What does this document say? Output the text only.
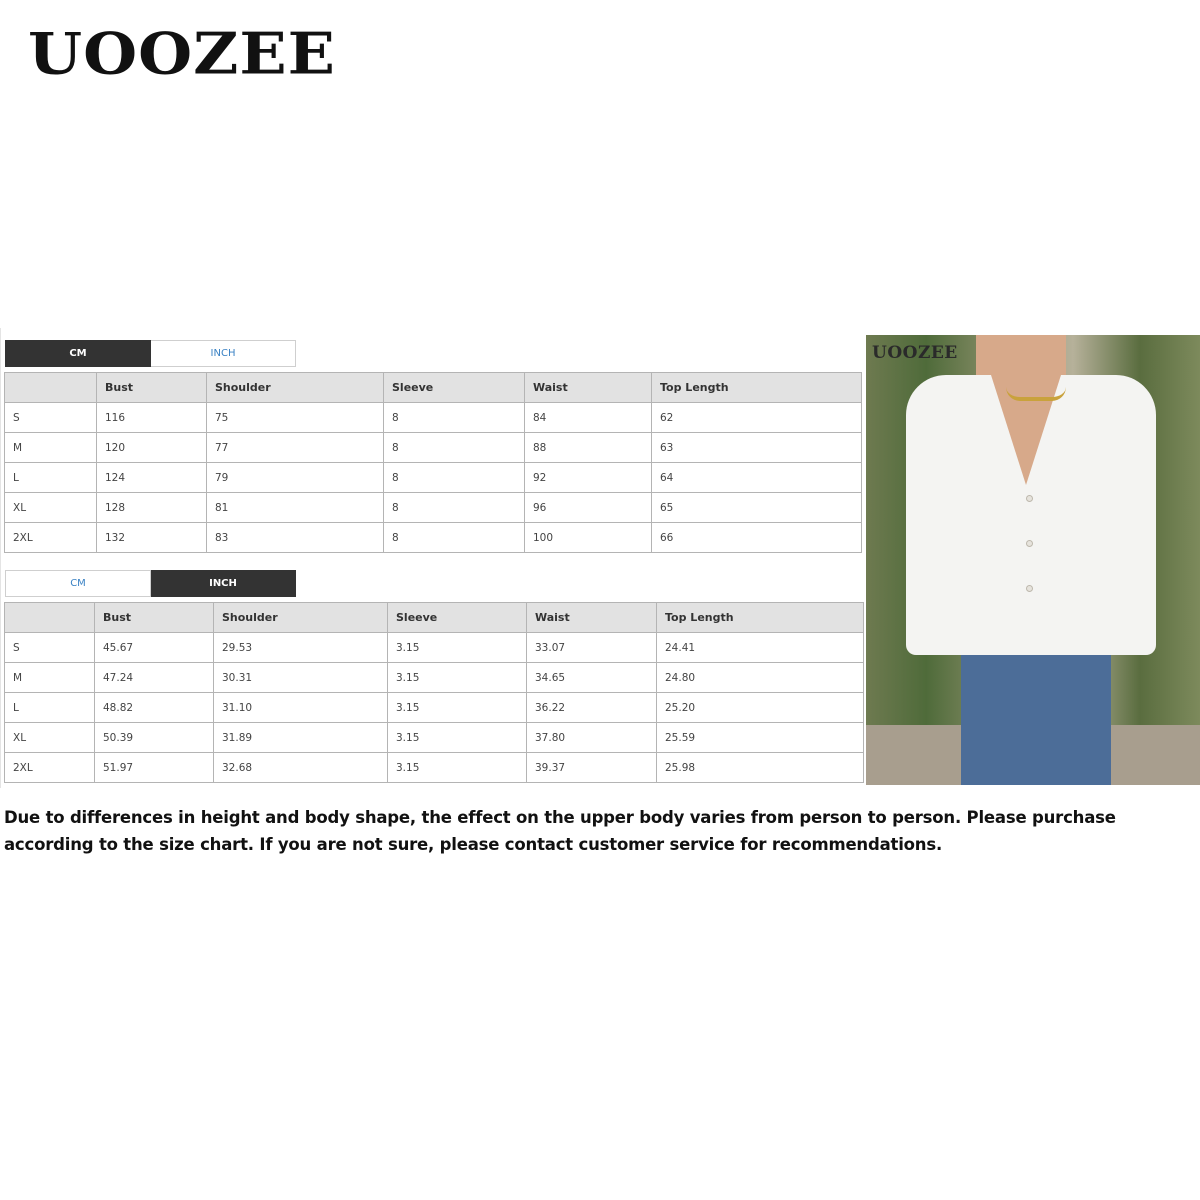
UOOZEE
CM	INCH
	Bust	Shoulder	Sleeve	Waist	Top Length
S	116	75	8	84	62
M	120	77	8	88	63
L	124	79	8	92	64
XL	128	81	8	96	65
2XL	132	83	8	100	66
CM	INCH
	Bust	Shoulder	Sleeve	Waist	Top Length
S	45.67	29.53	3.15	33.07	24.41
M	47.24	30.31	3.15	34.65	24.80
L	48.82	31.10	3.15	36.22	25.20
XL	50.39	31.89	3.15	37.80	25.59
2XL	51.97	32.68	3.15	39.37	25.98
UOOZEE
Due to differences in height and body shape, the effect on the upper body varies from person to person. Please purchase according to the size chart. If you are not sure, please contact customer service for recommendations.
